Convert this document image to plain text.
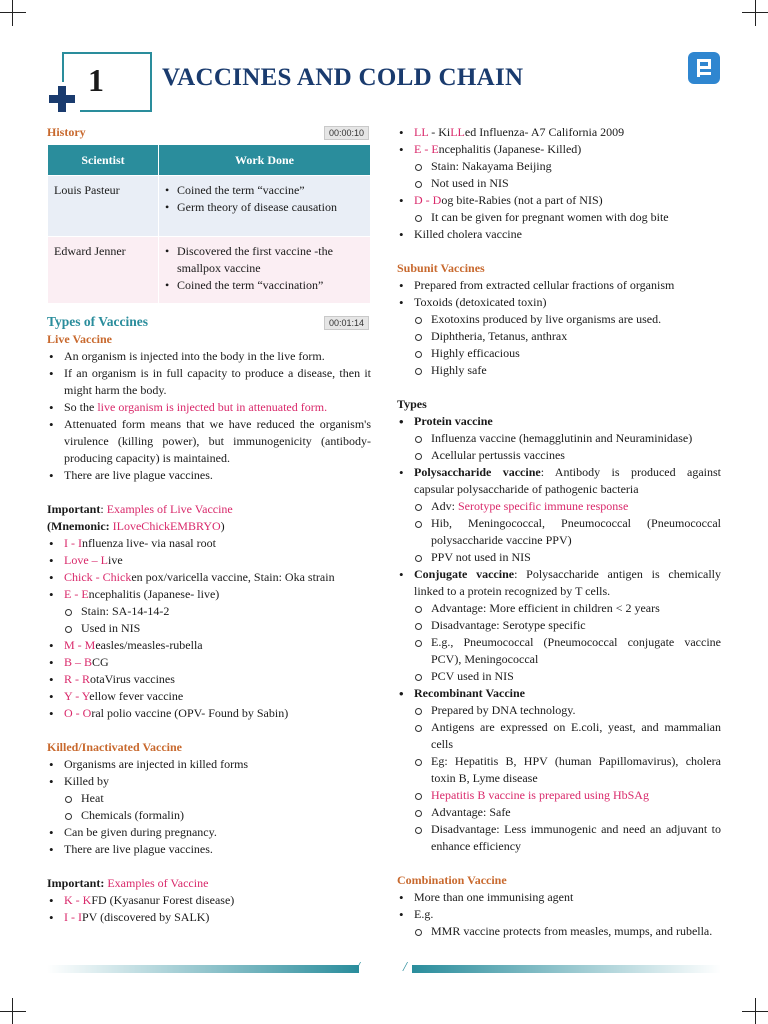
1 VACCINES AND COLD CHAIN
History	00:00:10
Scientist	Work Done
Louis Pasteur	• Coined the term “vaccine”
• Germ theory of disease causation

Edward Jenner	• Discovered the first vaccine -the smallpox vaccine
• Coined the term “vaccination”
Types of Vaccines	00:01:14
Live Vaccine
• An organism is injected into the body in the live form.
• If an organism is in full capacity to produce a disease, then it might harm the body.
• So the live organism is injected but in attenuated form.
• Attenuated form means that we have reduced the organism's virulence (killing power), but immunogenicity (antibody-producing capacity) is maintained.
• There are live plague vaccines.
Important: Examples of Live Vaccine
(Mnemonic: ILoveChickEMBRYO)
• I - Influenza live- via nasal root
• Love – Live
• Chick - Chicken pox/varicella vaccine, Stain: Oka strain
• E - Encephalitis (Japanese- live)
Stain: SA-14-14-2
Used in NIS
• M - Measles/measles-rubella
• B – BCG
• R - RotaVirus vaccines
• Y - Yellow fever vaccine
• O - Oral polio vaccine (OPV- Found by Sabin)
Killed/Inactivated Vaccine
• Organisms are injected in killed forms
• Killed by
Heat
Chemicals (formalin)
• Can be given during pregnancy.
• There are live plague vaccines.
Important: Examples of Vaccine
• K - KFD (Kyasanur Forest disease)
• I - IPV (discovered by SALK)
• LL - KiLLed Influenza- A7 California 2009
• E - Encephalitis (Japanese- Killed)
Stain: Nakayama Beijing
Not used in NIS
• D - Dog bite-Rabies (not a part of NIS)
It can be given for pregnant women with dog bite
• Killed cholera vaccine
Subunit Vaccines
• Prepared from extracted cellular fractions of organism
• Toxoids (detoxicated toxin)
Exotoxins produced by live organisms are used.
Diphtheria, Tetanus, anthrax
Highly efficacious
Highly safe
Types
• Protein vaccine
Influenza vaccine (hemagglutinin and Neuraminidase)
Acellular pertussis vaccines
• Polysaccharide vaccine: Antibody is produced against capsular polysaccharide of pathogenic bacteria
Adv: Serotype specific immune response
Hib, Meningococcal, Pneumococcal (Pneumococcal polysaccharide vaccine PPV)
PPV not used in NIS
• Conjugate vaccine: Polysaccharide antigen is chemically linked to a protein recognized by T cells.
Advantage: More efficient in children < 2 years
Disadvantage: Serotype specific
E.g., Pneumococcal (Pneumococcal conjugate vaccine PCV), Meningococcal
PCV used in NIS
• Recombinant Vaccine
Prepared by DNA technology.
Antigens are expressed on E.coli, yeast, and mammalian cells
Eg: Hepatitis B, HPV (human Papillomavirus), cholera toxin B, Lyme disease
Hepatitis B vaccine is prepared using HbSAg
Advantage: Safe
Disadvantage: Less immunogenic and need an adjuvant to enhance efficiency
Combination Vaccine
• More than one immunising agent
• E.g.
MMR vaccine protects from measles, mumps, and rubella.
/	/
